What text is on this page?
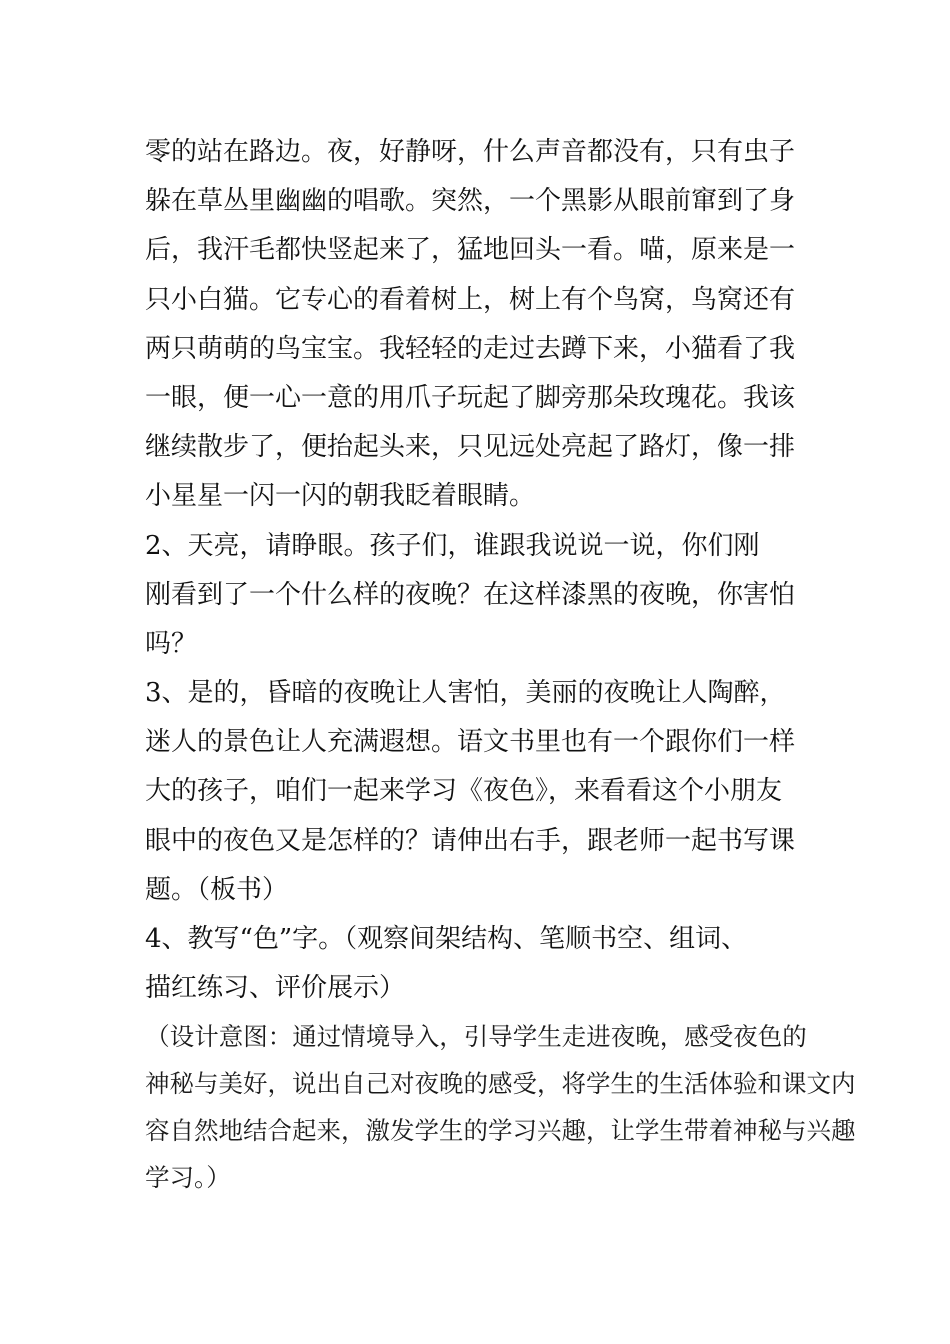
零的站在路边。夜，好静呀，什么声音都没有，只有虫子
躲在草丛里幽幽的唱歌。突然，一个黑影从眼前窜到了身
后，我汗毛都快竖起来了，猛地回头一看。喵，原来是一
只小白猫。它专心的看着树上，树上有个鸟窝，鸟窝还有
两只萌萌的鸟宝宝。我轻轻的走过去蹲下来，小猫看了我
一眼，便一心一意的用爪子玩起了脚旁那朵玫瑰花。我该
继续散步了，便抬起头来，只见远处亮起了路灯，像一排
小星星一闪一闪的朝我眨着眼睛。
　　2、天亮，请睁眼。孩子们，谁跟我说说一说，你们刚
刚看到了一个什么样的夜晚？在这样漆黑的夜晚，你害怕
吗？
　　3、是的，昏暗的夜晚让人害怕，美丽的夜晚让人陶醉，
迷人的景色让人充满遐想。语文书里也有一个跟你们一样
大的孩子，咱们一起来学习《夜色》，来看看这个小朋友
眼中的夜色又是怎样的？请伸出右手，跟老师一起书写课
题。（板书）
　　4、教写“色”字。（观察间架结构、笔顺书空、组词、
描红练习、评价展示）
　（设计意图：通过情境导入，引导学生走进夜晚，感受夜色的
神秘与美好，说出自己对夜晚的感受，将学生的生活体验和课文内
容自然地结合起来，激发学生的学习兴趣，让学生带着神秘与兴趣
学习。）
